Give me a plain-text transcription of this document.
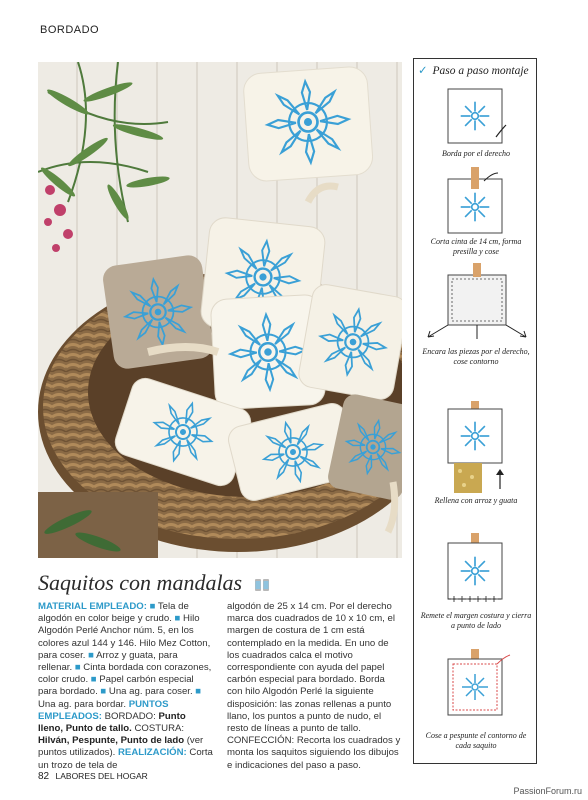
BORDADO
Saquitos con mandalas
MATERIAL EMPLEADO: ■ Tela de algodón en color beige y crudo. ■ Hilo Algodón Perlé Anchor núm. 5, en los colores azul 144 y 146. Hilo Mez Cotton, para coser. ■ Arroz y guata, para rellenar. ■ Cinta bordada con corazones, color crudo. ■ Papel carbón especial para bordado. ■ Una ag. para coser. ■ Una ag. para bordar. PUNTOS EMPLEADOS: BORDADO: Punto lleno, Punto de tallo. COSTURA: Hilván, Pespunte, Punto de lado (ver puntos utilizados). REALIZACIÓN: Corta un trozo de tela de
algodón de 25 x 14 cm. Por el derecho marca dos cuadrados de 10 x 10 cm, el margen de costura de 1 cm está contemplado en la medida. En uno de los cuadrados calca el motivo correspondiente con ayuda del papel carbón especial para bordado. Borda con hilo Algodón Perlé la siguiente disposición: las zonas rellenas a punto llano, los puntos a punto de nudo, el resto de líneas a punto de tallo. CONFECCIÓN: Recorta los cuadrados y monta los saquitos siguiendo los dibujos e indicaciones del paso a paso.
82 LABORES DEL HOGAR
PassionForum.ru
✓ Paso a paso montaje
Borda por el derecho
Corta cinta de 14 cm, forma presilla y cose
Encara las piezas por el derecho, cose contorno
Rellena con arroz y guata
Remete el margen costura y cierra a punto de lado
Cose a pespunte el contorno de cada saquito
